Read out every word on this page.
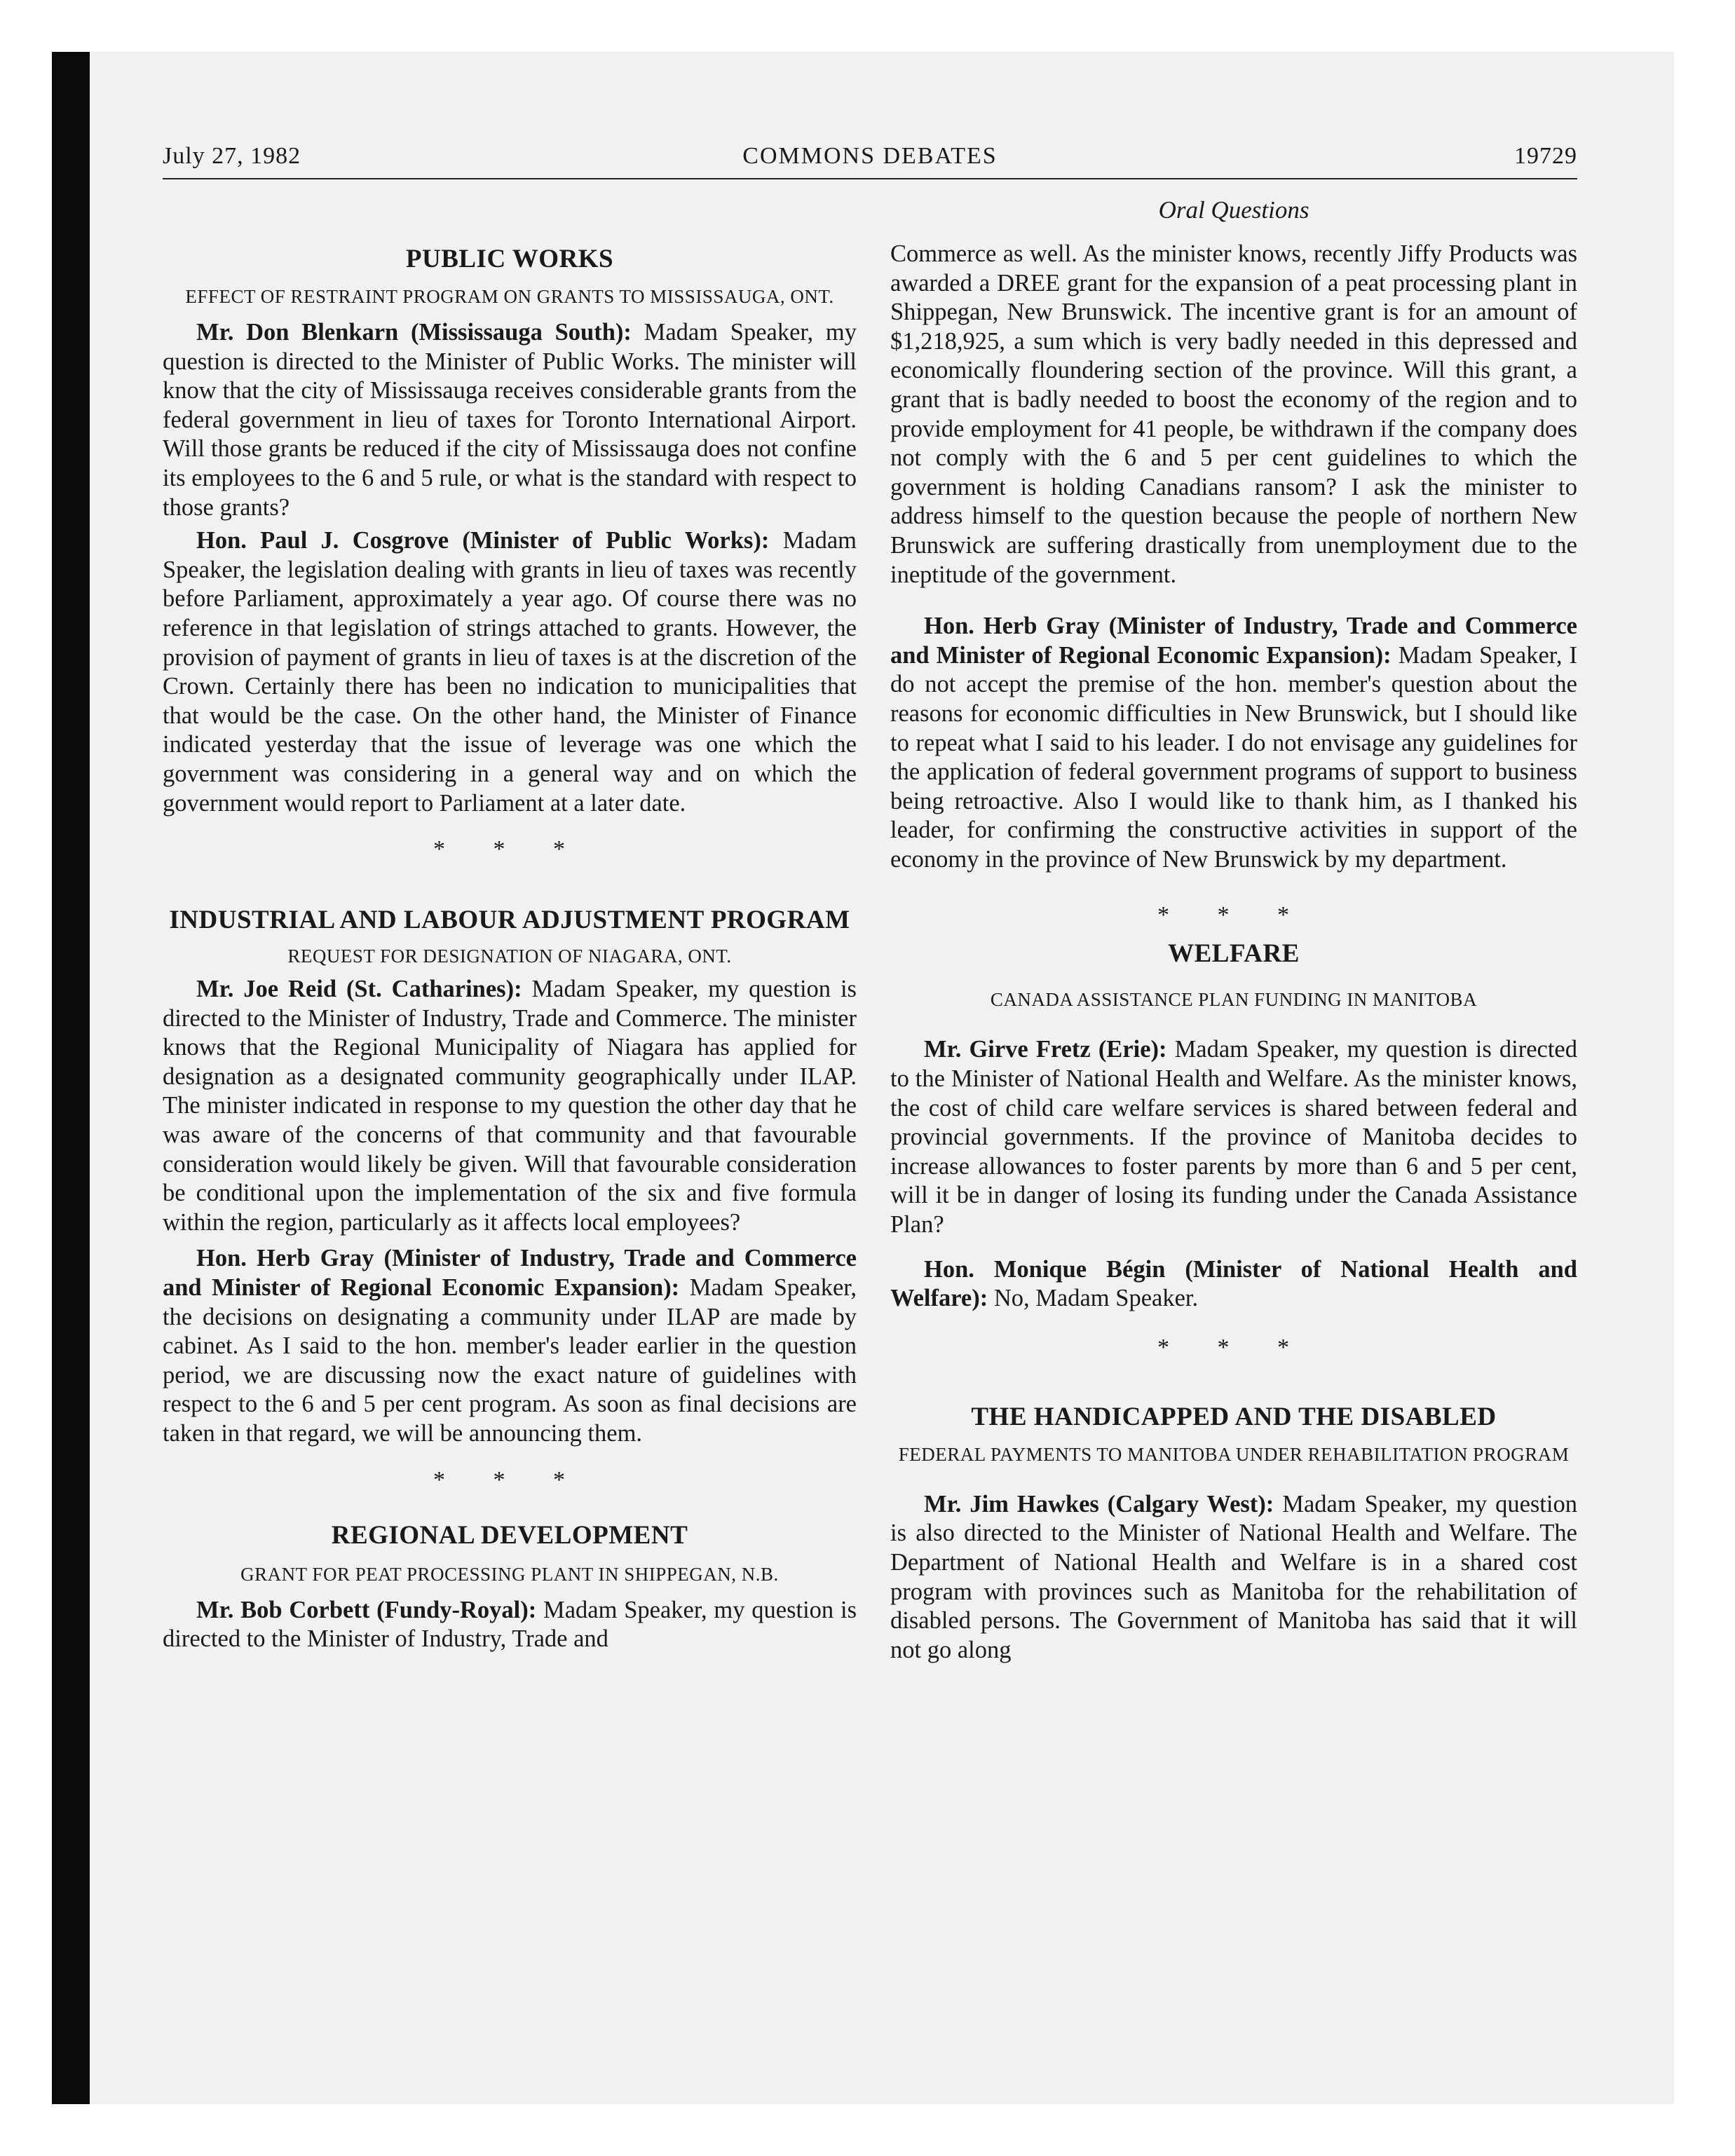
July 27, 1982	COMMONS DEBATES	19729
Oral Questions
PUBLIC WORKS
EFFECT OF RESTRAINT PROGRAM ON GRANTS TO MISSISSAUGA, ONT.

Mr. Don Blenkarn (Mississauga South): Madam Speaker, my question is directed to the Minister of Public Works. The minister will know that the city of Mississauga receives considerable grants from the federal government in lieu of taxes for Toronto International Airport. Will those grants be reduced if the city of Mississauga does not confine its employees to the 6 and 5 rule, or what is the standard with respect to those grants?

Hon. Paul J. Cosgrove (Minister of Public Works): Madam Speaker, the legislation dealing with grants in lieu of taxes was recently before Parliament, approximately a year ago. Of course there was no reference in that legislation of strings attached to grants. However, the provision of payment of grants in lieu of taxes is at the discretion of the Crown. Certainly there has been no indication to municipalities that that would be the case. On the other hand, the Minister of Finance indicated yesterday that the issue of leverage was one which the government was considering in a general way and on which the government would report to Parliament at a later date.

* * *
INDUSTRIAL AND LABOUR ADJUSTMENT PROGRAM
REQUEST FOR DESIGNATION OF NIAGARA, ONT.

Mr. Joe Reid (St. Catharines): Madam Speaker, my question is directed to the Minister of Industry, Trade and Commerce. The minister knows that the Regional Municipality of Niagara has applied for designation as a designated community geographically under ILAP. The minister indicated in response to my question the other day that he was aware of the concerns of that community and that favourable consideration would likely be given. Will that favourable consideration be conditional upon the implementation of the six and five formula within the region, particularly as it affects local employees?

Hon. Herb Gray (Minister of Industry, Trade and Commerce and Minister of Regional Economic Expansion): Madam Speaker, the decisions on designating a community under ILAP are made by cabinet. As I said to the hon. member's leader earlier in the question period, we are discussing now the exact nature of guidelines with respect to the 6 and 5 per cent program. As soon as final decisions are taken in that regard, we will be announcing them.

* * *
REGIONAL DEVELOPMENT
GRANT FOR PEAT PROCESSING PLANT IN SHIPPEGAN, N.B.

Mr. Bob Corbett (Fundy-Royal): Madam Speaker, my question is directed to the Minister of Industry, Trade and

Commerce as well. As the minister knows, recently Jiffy Products was awarded a DREE grant for the expansion of a peat processing plant in Shippegan, New Brunswick. The incentive grant is for an amount of $1,218,925, a sum which is very badly needed in this depressed and economically floundering section of the province. Will this grant, a grant that is badly needed to boost the economy of the region and to provide employment for 41 people, be withdrawn if the company does not comply with the 6 and 5 per cent guidelines to which the government is holding Canadians ransom? I ask the minister to address himself to the question because the people of northern New Brunswick are suffering drastically from unemployment due to the ineptitude of the government.

Hon. Herb Gray (Minister of Industry, Trade and Commerce and Minister of Regional Economic Expansion): Madam Speaker, I do not accept the premise of the hon. member's question about the reasons for economic difficulties in New Brunswick, but I should like to repeat what I said to his leader. I do not envisage any guidelines for the application of federal government programs of support to business being retroactive. Also I would like to thank him, as I thanked his leader, for confirming the constructive activities in support of the economy in the province of New Brunswick by my department.

* * *
WELFARE
CANADA ASSISTANCE PLAN FUNDING IN MANITOBA

Mr. Girve Fretz (Erie): Madam Speaker, my question is directed to the Minister of National Health and Welfare. As the minister knows, the cost of child care welfare services is shared between federal and provincial governments. If the province of Manitoba decides to increase allowances to foster parents by more than 6 and 5 per cent, will it be in danger of losing its funding under the Canada Assistance Plan?

Hon. Monique Bégin (Minister of National Health and Welfare): No, Madam Speaker.

* * *
THE HANDICAPPED AND THE DISABLED
FEDERAL PAYMENTS TO MANITOBA UNDER REHABILITATION PROGRAM

Mr. Jim Hawkes (Calgary West): Madam Speaker, my question is also directed to the Minister of National Health and Welfare. The Department of National Health and Welfare is in a shared cost program with provinces such as Manitoba for the rehabilitation of disabled persons. The Government of Manitoba has said that it will not go along
